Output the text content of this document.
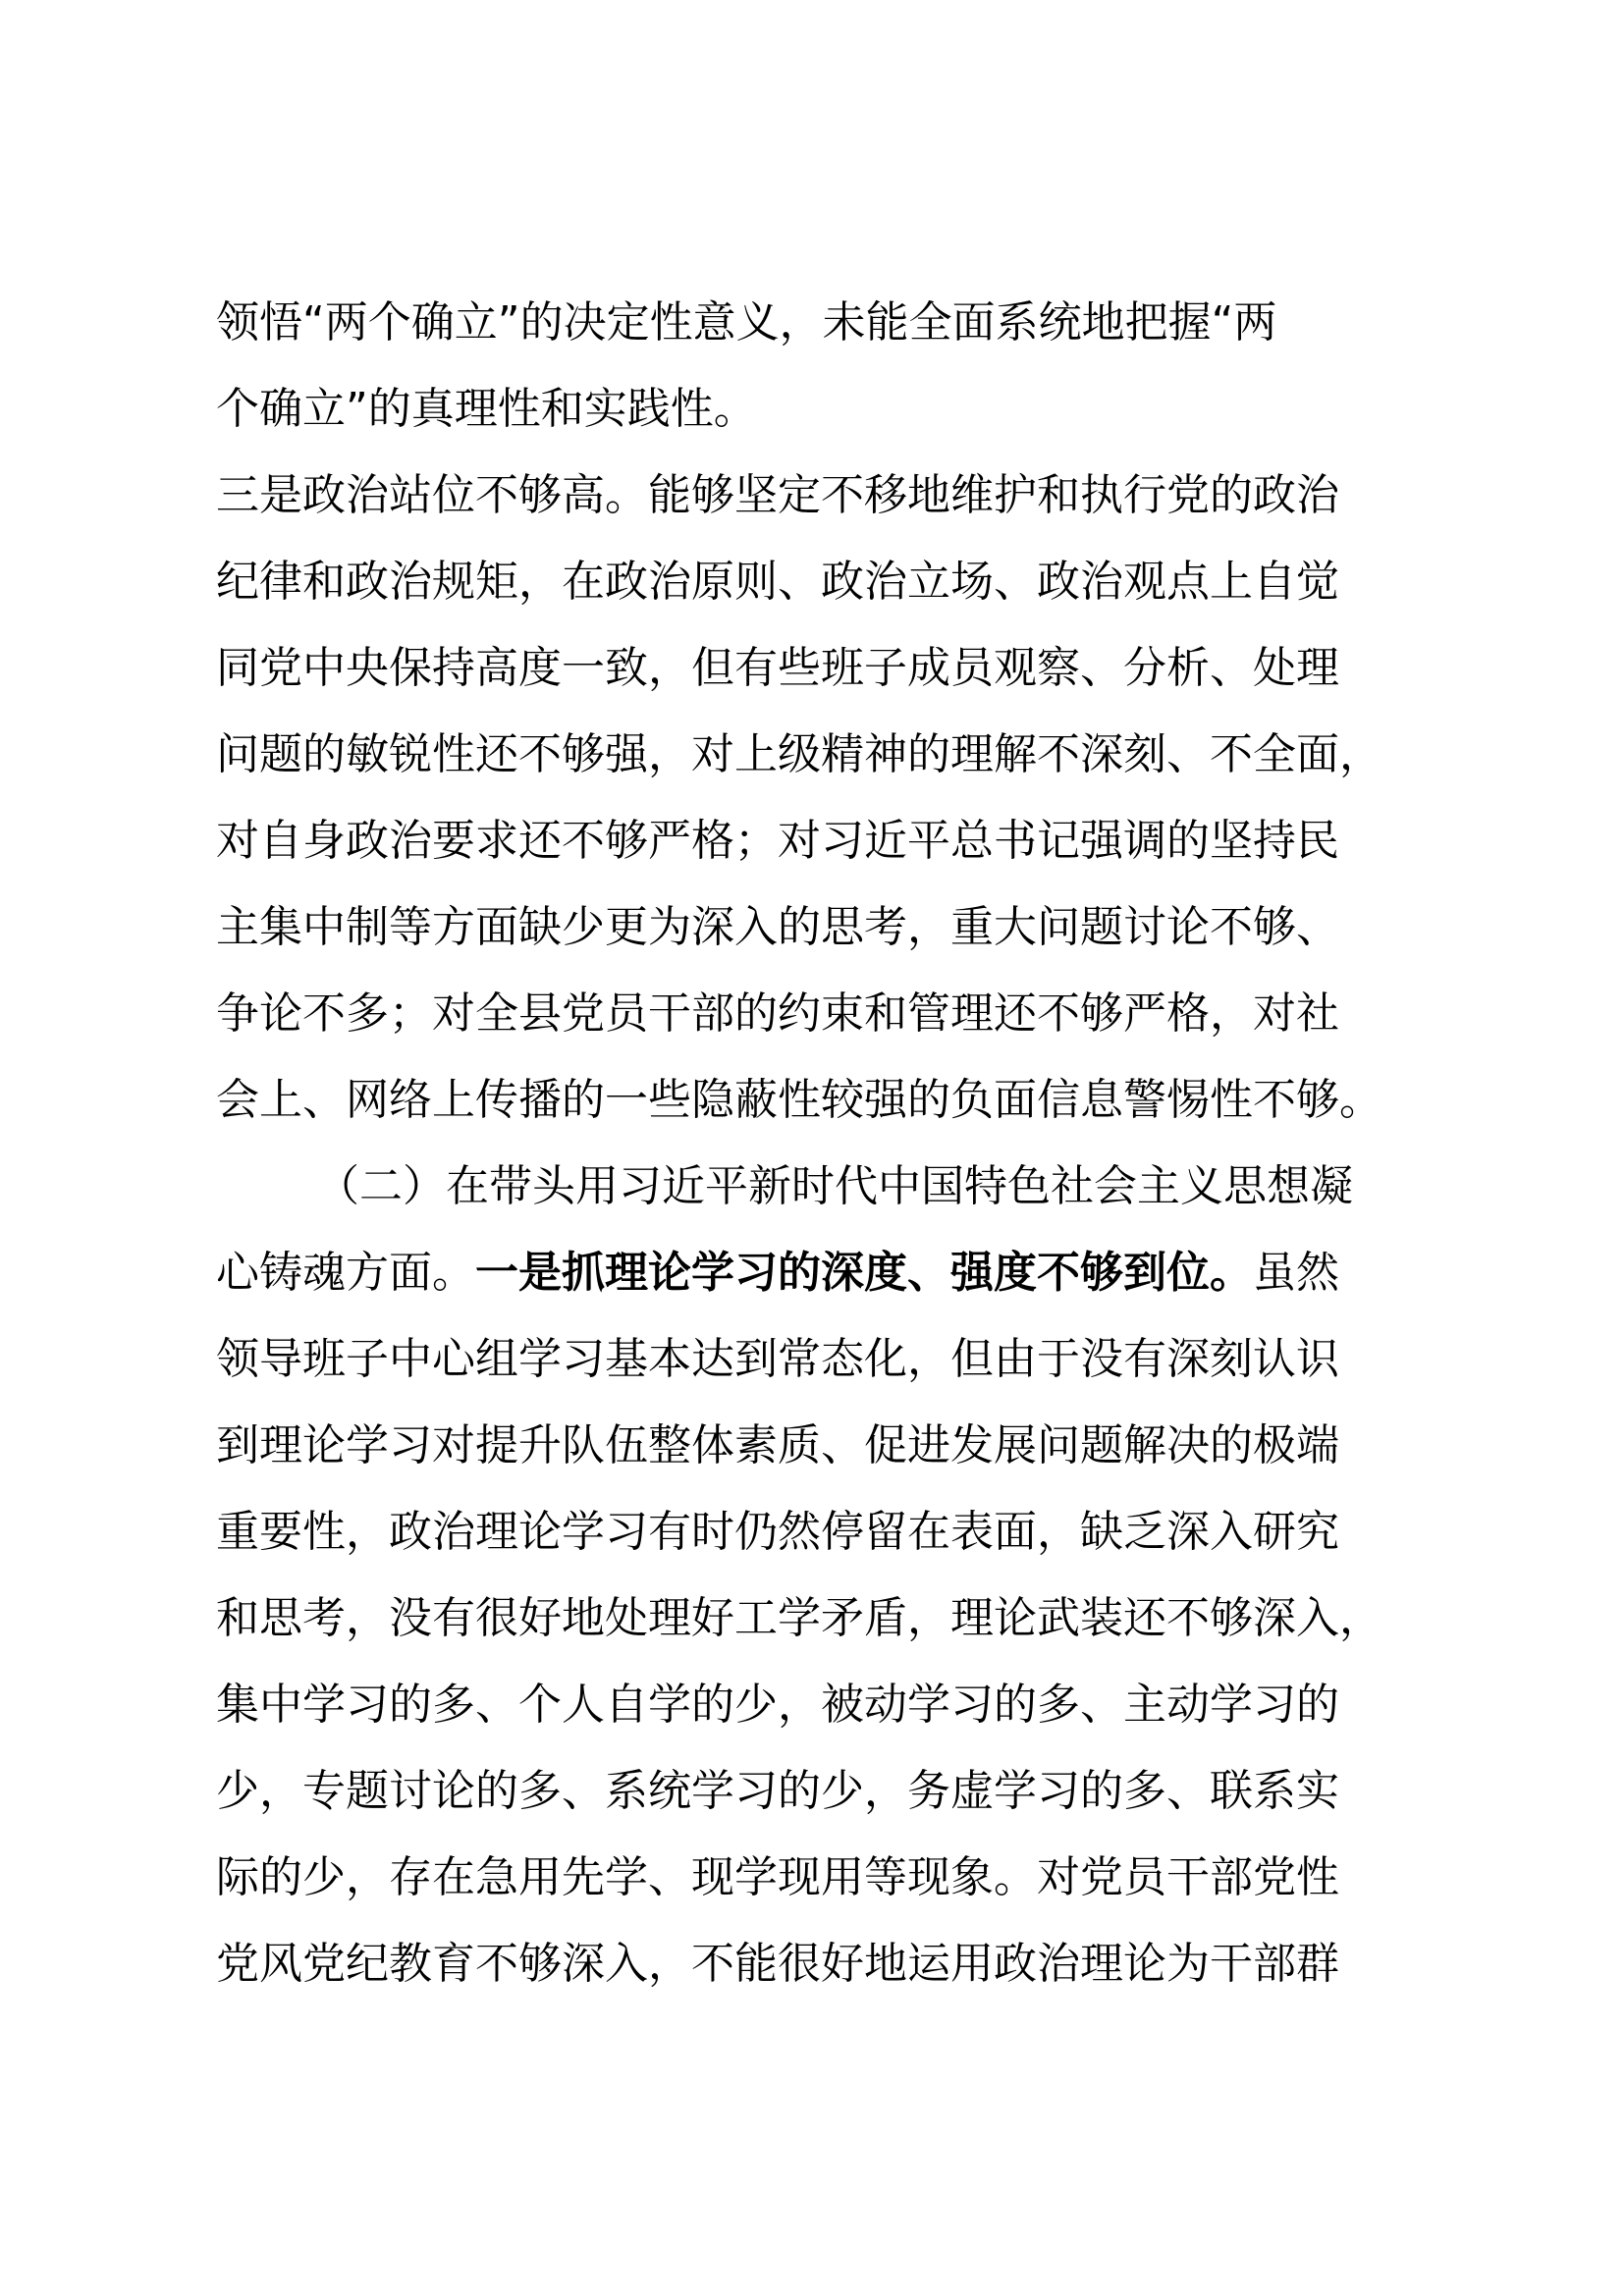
领悟“两个确立”的决定性意义，未能全面系统地把握“两
个确立”的真理性和实践性。
三是政治站位不够高。能够坚定不移地维护和执行党的政治
纪律和政治规矩，在政治原则、政治立场、政治观点上自觉
同党中央保持高度一致，但有些班子成员观察、分析、处理
问题的敏锐性还不够强，对上级精神的理解不深刻、不全面，
对自身政治要求还不够严格；对习近平总书记强调的坚持民
主集中制等方面缺少更为深入的思考，重大问题讨论不够、
争论不多；对全县党员干部的约束和管理还不够严格，对社
会上、网络上传播的一些隐蔽性较强的负面信息警惕性不够。
（二）在带头用习近平新时代中国特色社会主义思想凝
心铸魂方面。一是抓理论学习的深度、强度不够到位。虽然
领导班子中心组学习基本达到常态化，但由于没有深刻认识
到理论学习对提升队伍整体素质、促进发展问题解决的极端
重要性，政治理论学习有时仍然停留在表面，缺乏深入研究
和思考，没有很好地处理好工学矛盾，理论武装还不够深入，
集中学习的多、个人自学的少，被动学习的多、主动学习的
少，专题讨论的多、系统学习的少，务虚学习的多、联系实
际的少，存在急用先学、现学现用等现象。对党员干部党性
党风党纪教育不够深入，不能很好地运用政治理论为干部群
